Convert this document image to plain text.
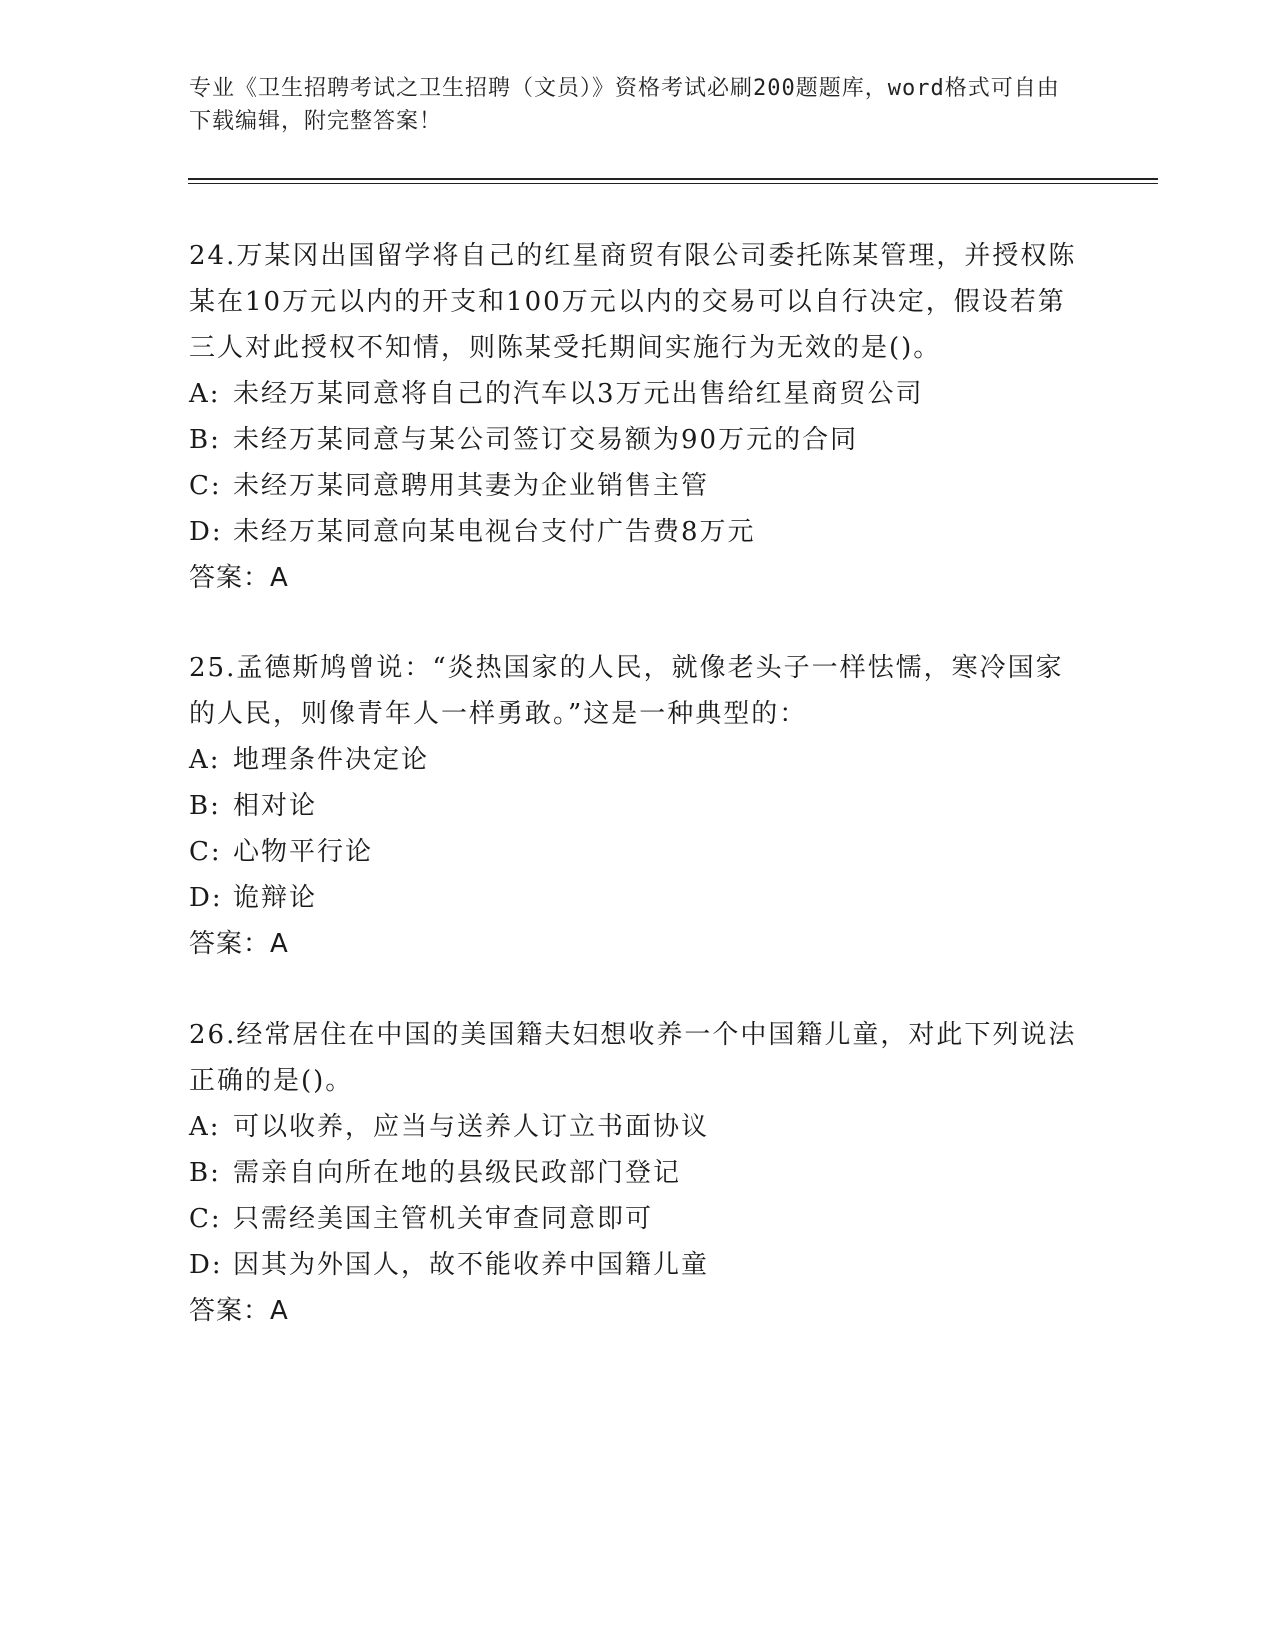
专业《卫生招聘考试之卫生招聘（文员）》资格考试必刷200题题库，word格式可自由下载编辑，附完整答案！
24.万某冈出国留学将自己的红星商贸有限公司委托陈某管理，并授权陈某在10万元以内的开支和100万元以内的交易可以自行决定，假设若第三人对此授权不知情，则陈某受托期间实施行为无效的是()。
A: 未经万某同意将自己的汽车以3万元出售给红星商贸公司
B: 未经万某同意与某公司签订交易额为90万元的合同
C: 未经万某同意聘用其妻为企业销售主管
D: 未经万某同意向某电视台支付广告费8万元
答案：A
25.孟德斯鸠曾说：“炎热国家的人民，就像老头子一样怯懦，寒冷国家的人民，则像青年人一样勇敢。”这是一种典型的：
A: 地理条件决定论
B: 相对论
C: 心物平行论
D: 诡辩论
答案：A
26.经常居住在中国的美国籍夫妇想收养一个中国籍儿童，对此下列说法正确的是()。
A: 可以收养，应当与送养人订立书面协议
B: 需亲自向所在地的县级民政部门登记
C: 只需经美国主管机关审查同意即可
D: 因其为外国人，故不能收养中国籍儿童
答案：A
